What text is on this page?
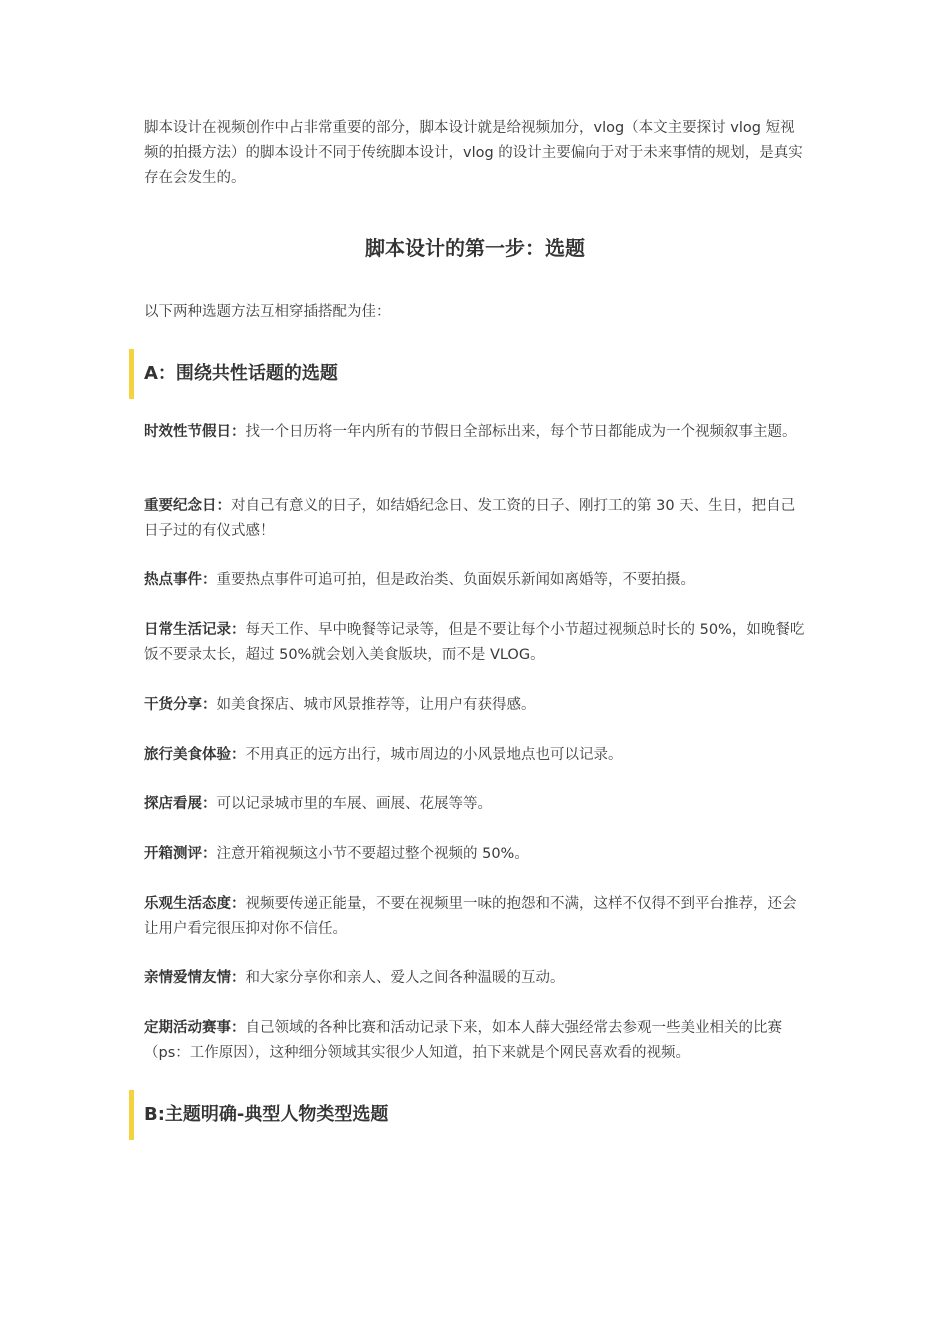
脚本设计在视频创作中占非常重要的部分，脚本设计就是给视频加分，vlog（本文主要探讨 vlog 短视频的拍摄方法）的脚本设计不同于传统脚本设计，vlog 的设计主要偏向于对于未来事情的规划，是真实存在会发生的。

脚本设计的第一步：选题

以下两种选题方法互相穿插搭配为佳：

A：围绕共性话题的选题

时效性节假日：找一个日历将一年内所有的节假日全部标出来，每个节日都能成为一个视频叙事主题。

重要纪念日：对自己有意义的日子，如结婚纪念日、发工资的日子、刚打工的第 30 天、生日，把自己日子过的有仪式感！

热点事件：重要热点事件可追可拍，但是政治类、负面娱乐新闻如离婚等，不要拍摄。

日常生活记录：每天工作、早中晚餐等记录等，但是不要让每个小节超过视频总时长的 50%，如晚餐吃饭不要录太长，超过 50%就会划入美食版块，而不是 VLOG。

干货分享：如美食探店、城市风景推荐等，让用户有获得感。

旅行美食体验：不用真正的远方出行，城市周边的小风景地点也可以记录。

探店看展：可以记录城市里的车展、画展、花展等等。

开箱测评：注意开箱视频这小节不要超过整个视频的 50%。

乐观生活态度：视频要传递正能量，不要在视频里一味的抱怨和不满，这样不仅得不到平台推荐，还会让用户看完很压抑对你不信任。

亲情爱情友情：和大家分享你和亲人、爱人之间各种温暖的互动。

定期活动赛事：自己领域的各种比赛和活动记录下来，如本人薛大强经常去参观一些美业相关的比赛（ps：工作原因），这种细分领域其实很少人知道，拍下来就是个网民喜欢看的视频。

B:主题明确-典型人物类型选题
